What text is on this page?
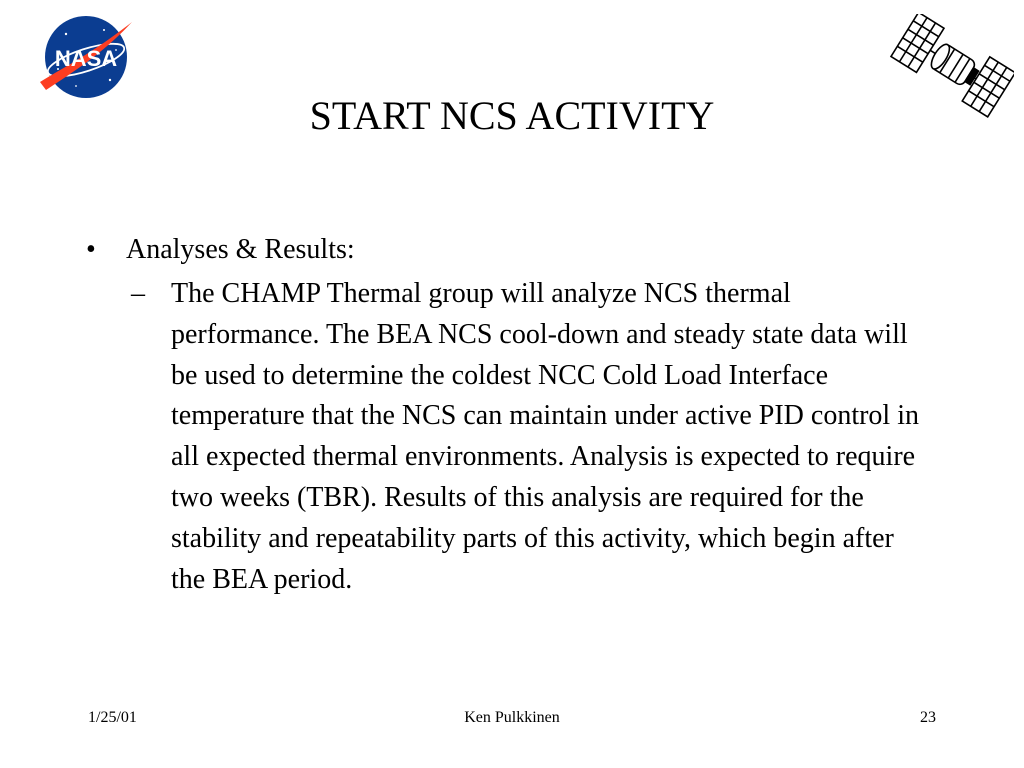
NASA
START NCS ACTIVITY
•	Analyses & Results:
– The CHAMP Thermal group will analyze NCS thermal performance. The BEA NCS cool-down and steady state data will be used to determine the coldest NCC Cold Load Interface temperature that the NCS can maintain under active PID control in all expected thermal environments. Analysis is expected to require two weeks (TBR). Results of this analysis are required for the stability and repeatability parts of this activity, which begin after the BEA period.
1/25/01	Ken Pulkkinen	23
